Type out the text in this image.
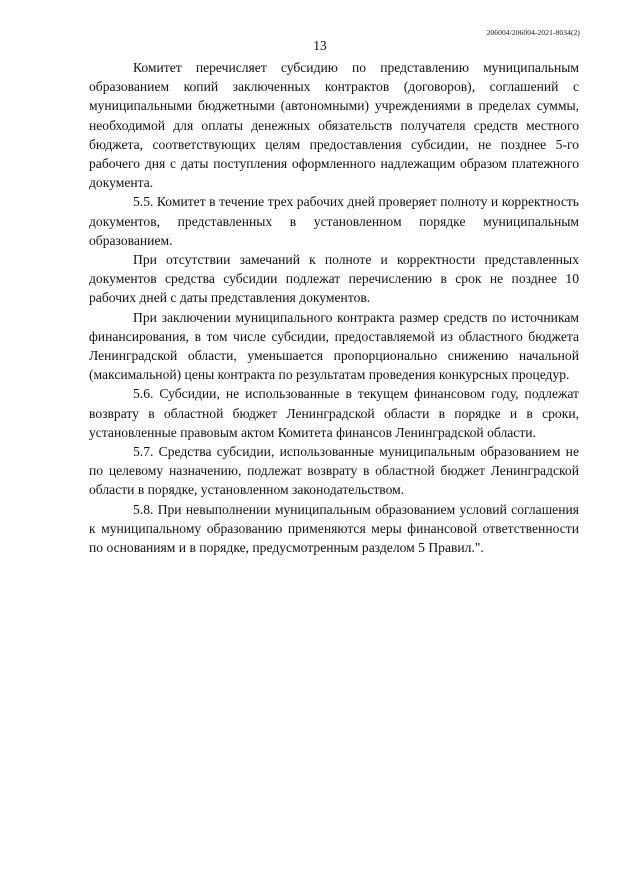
206004/206004-2021-8034(2)
13

Комитет перечисляет субсидию по представлению муниципальным образованием копий заключенных контрактов (договоров), соглашений с муниципальными бюджетными (автономными) учреждениями в пределах суммы, необходимой для оплаты денежных обязательств получателя средств местного бюджета, соответствующих целям предоставления субсидии, не позднее 5-го рабочего дня с даты поступления оформленного надлежащим образом платежного документа.

5.5. Комитет в течение трех рабочих дней проверяет полноту и корректность документов, представленных в установленном порядке муниципальным образованием.

При отсутствии замечаний к полноте и корректности представленных документов средства субсидии подлежат перечислению в срок не позднее 10 рабочих дней с даты представления документов.

При заключении муниципального контракта размер средств по источникам финансирования, в том числе субсидии, предоставляемой из областного бюджета Ленинградской области, уменьшается пропорционально снижению начальной (максимальной) цены контракта по результатам проведения конкурсных процедур.

5.6. Субсидии, не использованные в текущем финансовом году, подлежат возврату в областной бюджет Ленинградской области в порядке и в сроки, установленные правовым актом Комитета финансов Ленинградской области.

5.7. Средства субсидии, использованные муниципальным образованием не по целевому назначению, подлежат возврату в областной бюджет Ленинградской области в порядке, установленном законодательством.

5.8. При невыполнении муниципальным образованием условий соглашения к муниципальному образованию применяются меры финансовой ответственности по основаниям и в порядке, предусмотренным разделом 5 Правил.".
